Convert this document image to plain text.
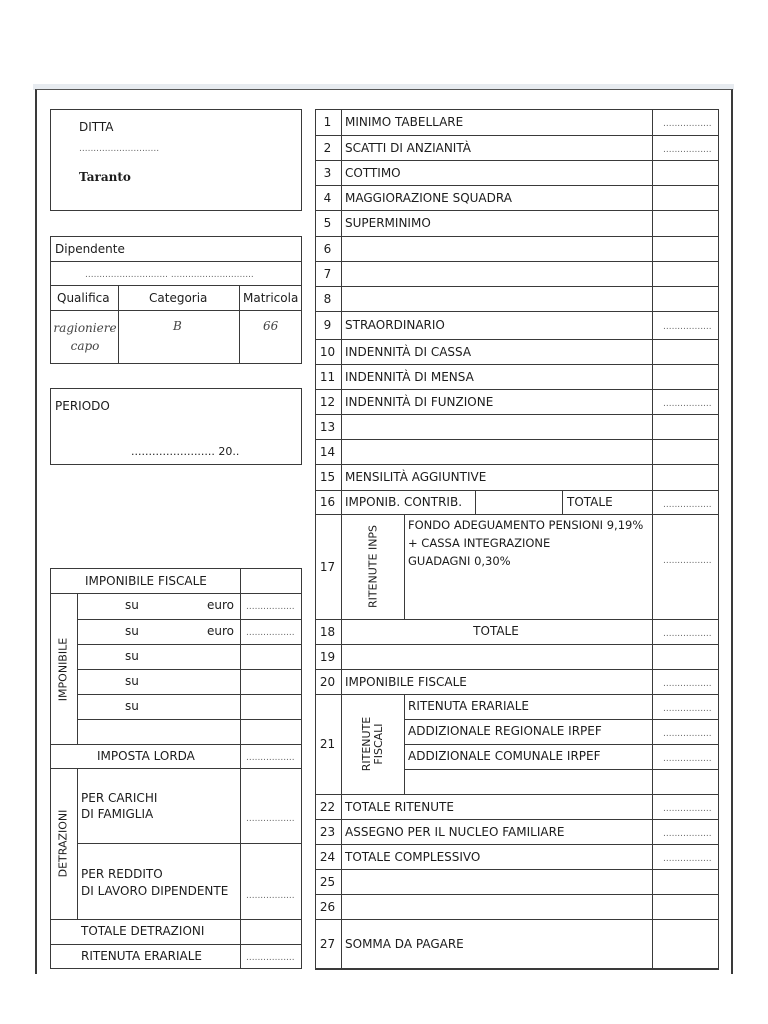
DITTA
............................
Taranto
Dipendente
............................. .............................
Qualifica	Categoria	Matricola
ragioniere capo
B	66
PERIODO
........................ 20..
IMPONIBILE FISCALE
IMPONIBILE
su	euro .................
su	euro .................
su
su
su
IMPOSTA LORDA	.................
DETRAZIONI
PER CARICHI
DI FAMIGLIA	.................
PER REDDITO
DI LAVORO DIPENDENTE .................
TOTALE DETRAZIONI
RITENUTA ERARIALE	.................
1	MINIMO TABELLARE	.................
2	SCATTI DI ANZIANITÀ	.................
3	COTTIMO
4	MAGGIORAZIONE SQUADRA
5	SUPERMINIMO
6
7
8
9	STRAORDINARIO	.................
10 INDENNITÀ DI CASSA
11 INDENNITÀ DI MENSA
12 INDENNITÀ DI FUNZIONE	.................
13
14
15 MENSILITÀ AGGIUNTIVE
16 IMPONIB. CONTRIB.	TOTALE	.................
17	RITENUTE INPS	FONDO ADEGUAMENTO PENSIONI 9,19%
+ CASSA INTEGRAZIONE
GUADAGNI 0,30%	.................
18	TOTALE	.................
19
20 IMPONIBILE FISCALE	.................
21	RITENUTE FISCALI
RITENUTA ERARIALE	.................
ADDIZIONALE REGIONALE IRPEF	.................
ADDIZIONALE COMUNALE IRPEF	.................
22 TOTALE RITENUTE	.................
23 ASSEGNO PER IL NUCLEO FAMILIARE	.................
24 TOTALE COMPLESSIVO	.................
25
26
27 SOMMA DA PAGARE
